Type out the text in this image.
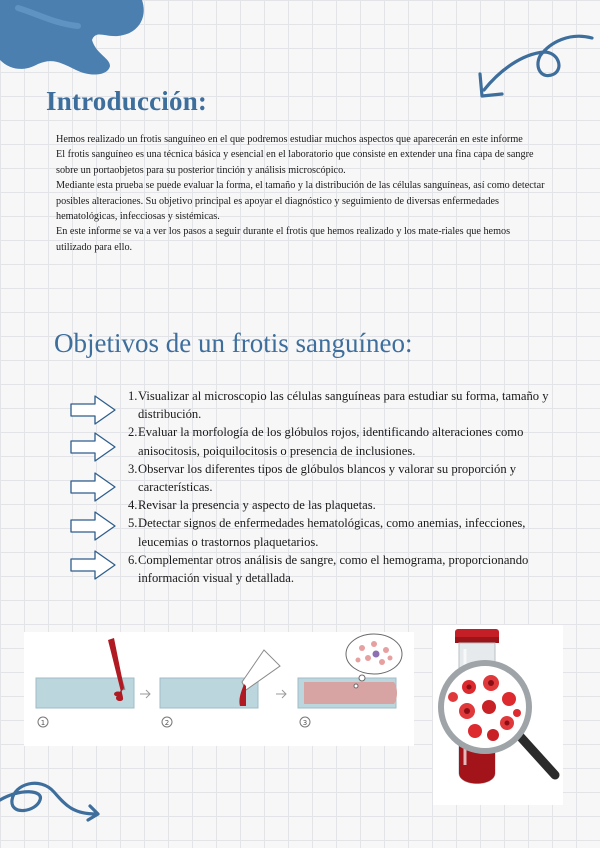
Introducción:

Hemos realizado un frotis sanguíneo en el que podremos estudiar muchos aspectos que aparecerán en este informe

El frotis sanguíneo es una técnica básica y esencial en el laboratorio que consiste en extender una fina capa de sangre sobre un portaobjetos para su posterior tinción y análisis microscópico.

Mediante esta prueba se puede evaluar la forma, el tamaño y la distribución de las células sanguíneas, así como detectar posibles alteraciones. Su objetivo principal es apoyar el diagnóstico y seguimiento de diversas enfermedades hematológicas, infecciosas y sistémicas.

En este informe se va a ver los pasos a seguir durante el frotis que hemos realizado y los mate-riales que hemos utilizado para ello.

Objetivos de un frotis sanguíneo:
1. Visualizar al microscopio las células sanguíneas para estudiar su forma, tamaño y distribución.
2. Evaluar la morfología de los glóbulos rojos, identificando alteraciones como anisocitosis, poiquilocitosis o presencia de inclusiones.
3. Observar los diferentes tipos de glóbulos blancos y valorar su proporción y características.
4. Revisar la presencia y aspecto de las plaquetas.
5. Detectar signos de enfermedades hematológicas, como anemias, infecciones, leucemias o trastornos plaquetarios.
6. Complementar otros análisis de sangre, como el hemograma, proporcionando información visual y detallada.
1	2	3
